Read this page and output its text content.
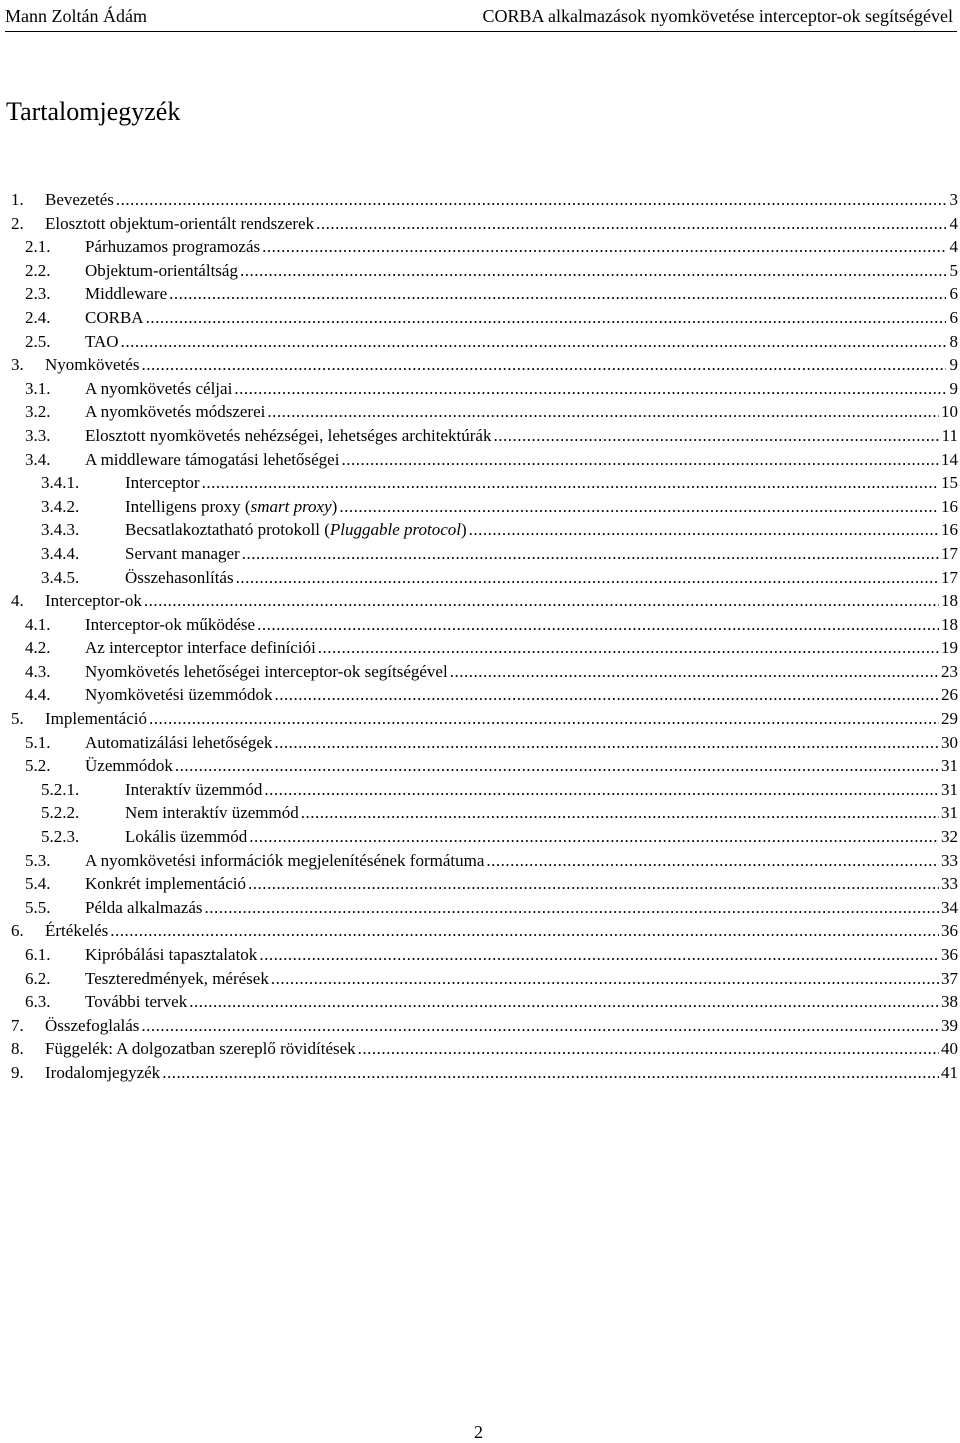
Mann Zoltán Ádám	CORBA alkalmazások nyomkövetése interceptor-ok segítségével
Tartalomjegyzék
1. Bevezetés .....	3
2. Elosztott objektum-orientált rendszerek .....	4
2.1. Párhuzamos programozás .....	4
2.2. Objektum-orientáltság .....	5
2.3. Middleware .....	6
2.4. CORBA .....	6
2.5. TAO .....	8
3. Nyomkövetés .....	9
3.1. A nyomkövetés céljai .....	9
3.2. A nyomkövetés módszerei .....	10
3.3. Elosztott nyomkövetés nehézségei, lehetséges architektúrák .....	11
3.4. A middleware támogatási lehetőségei .....	14
3.4.1.	Interceptor .....	15
3.4.2.	Intelligens proxy (smart proxy) .....	16
3.4.3.	Becsatlakoztatható protokoll (Pluggable protocol) .....	16
3.4.4.	Servant manager .....	17
3.4.5.	Összehasonlítás .....	17
4. Interceptor-ok .....	18
4.1. Interceptor-ok működése .....	18
4.2. Az interceptor interface definíciói .....	19
4.3. Nyomkövetés lehetőségei interceptor-ok segítségével .....	23
4.4. Nyomkövetési üzemmódok .....	26
5. Implementáció .....	29
5.1. Automatizálási lehetőségek .....	30
5.2. Üzemmódok .....	31
5.2.1.	Interaktív üzemmód .....	31
5.2.2.	Nem interaktív üzemmód .....	31
5.2.3.	Lokális üzemmód .....	32
5.3. A nyomkövetési információk megjelenítésének formátuma .....	33
5.4. Konkrét implementáció .....	33
5.5. Példa alkalmazás .....	34
6. Értékelés .....	36
6.1. Kipróbálási tapasztalatok .....	36
6.2. Teszteredmények, mérések .....	37
6.3. További tervek .....	38
7. Összefoglalás .....	39
8. Függelék: A dolgozatban szereplő rövidítések .....	40
9. Irodalomjegyzék .....	41
2
